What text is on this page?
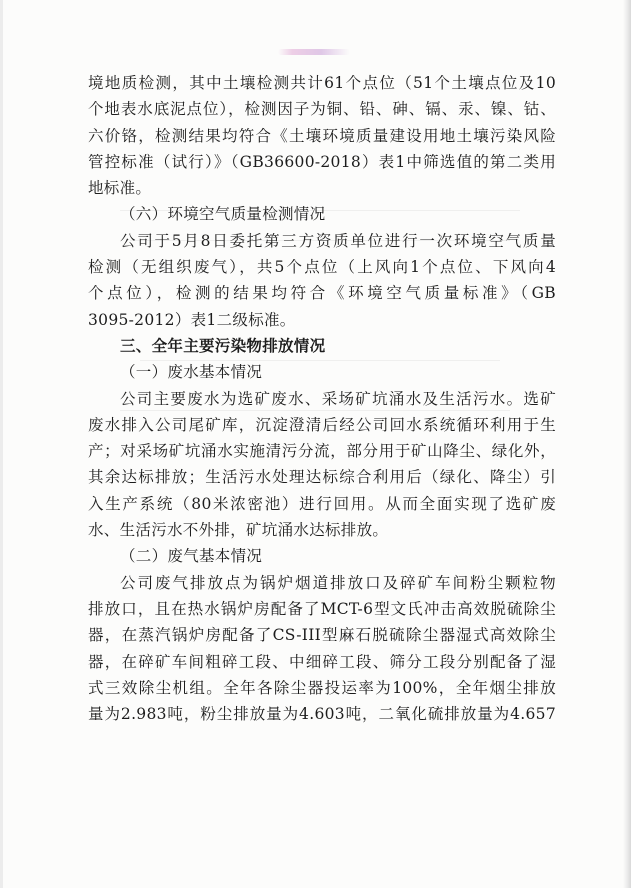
境地质检测，其中土壤检测共计61个点位（51个土壤点位及10
个地表水底泥点位），检测因子为铜、铅、砷、镉、汞、镍、钴、
六价铬，检测结果均符合《土壤环境质量建设用地土壤污染风险
管控标准（试行）》（GB36600-2018）表1中筛选值的第二类用
地标准。
（六）环境空气质量检测情况
公司于5月8日委托第三方资质单位进行一次环境空气质量
检测（无组织废气），共5个点位（上风向1个点位、下风向4
个点位），检测的结果均符合《环境空气质量标准》（GB
3095-2012）表1二级标准。
三、全年主要污染物排放情况
（一）废水基本情况
公司主要废水为选矿废水、采场矿坑涌水及生活污水。选矿
废水排入公司尾矿库，沉淀澄清后经公司回水系统循环利用于生
产；对采场矿坑涌水实施清污分流，部分用于矿山降尘、绿化外，
其余达标排放；生活污水处理达标综合利用后（绿化、降尘）引
入生产系统（80米浓密池）进行回用。从而全面实现了选矿废
水、生活污水不外排，矿坑涌水达标排放。
（二）废气基本情况
公司废气排放点为锅炉烟道排放口及碎矿车间粉尘颗粒物
排放口，且在热水锅炉房配备了MCT-6型文氏冲击高效脱硫除尘
器，在蒸汽锅炉房配备了CS-III型麻石脱硫除尘器湿式高效除尘
器，在碎矿车间粗碎工段、中细碎工段、筛分工段分别配备了湿
式三效除尘机组。全年各除尘器投运率为100%，全年烟尘排放
量为2.983吨，粉尘排放量为4.603吨，二氧化硫排放量为4.657
